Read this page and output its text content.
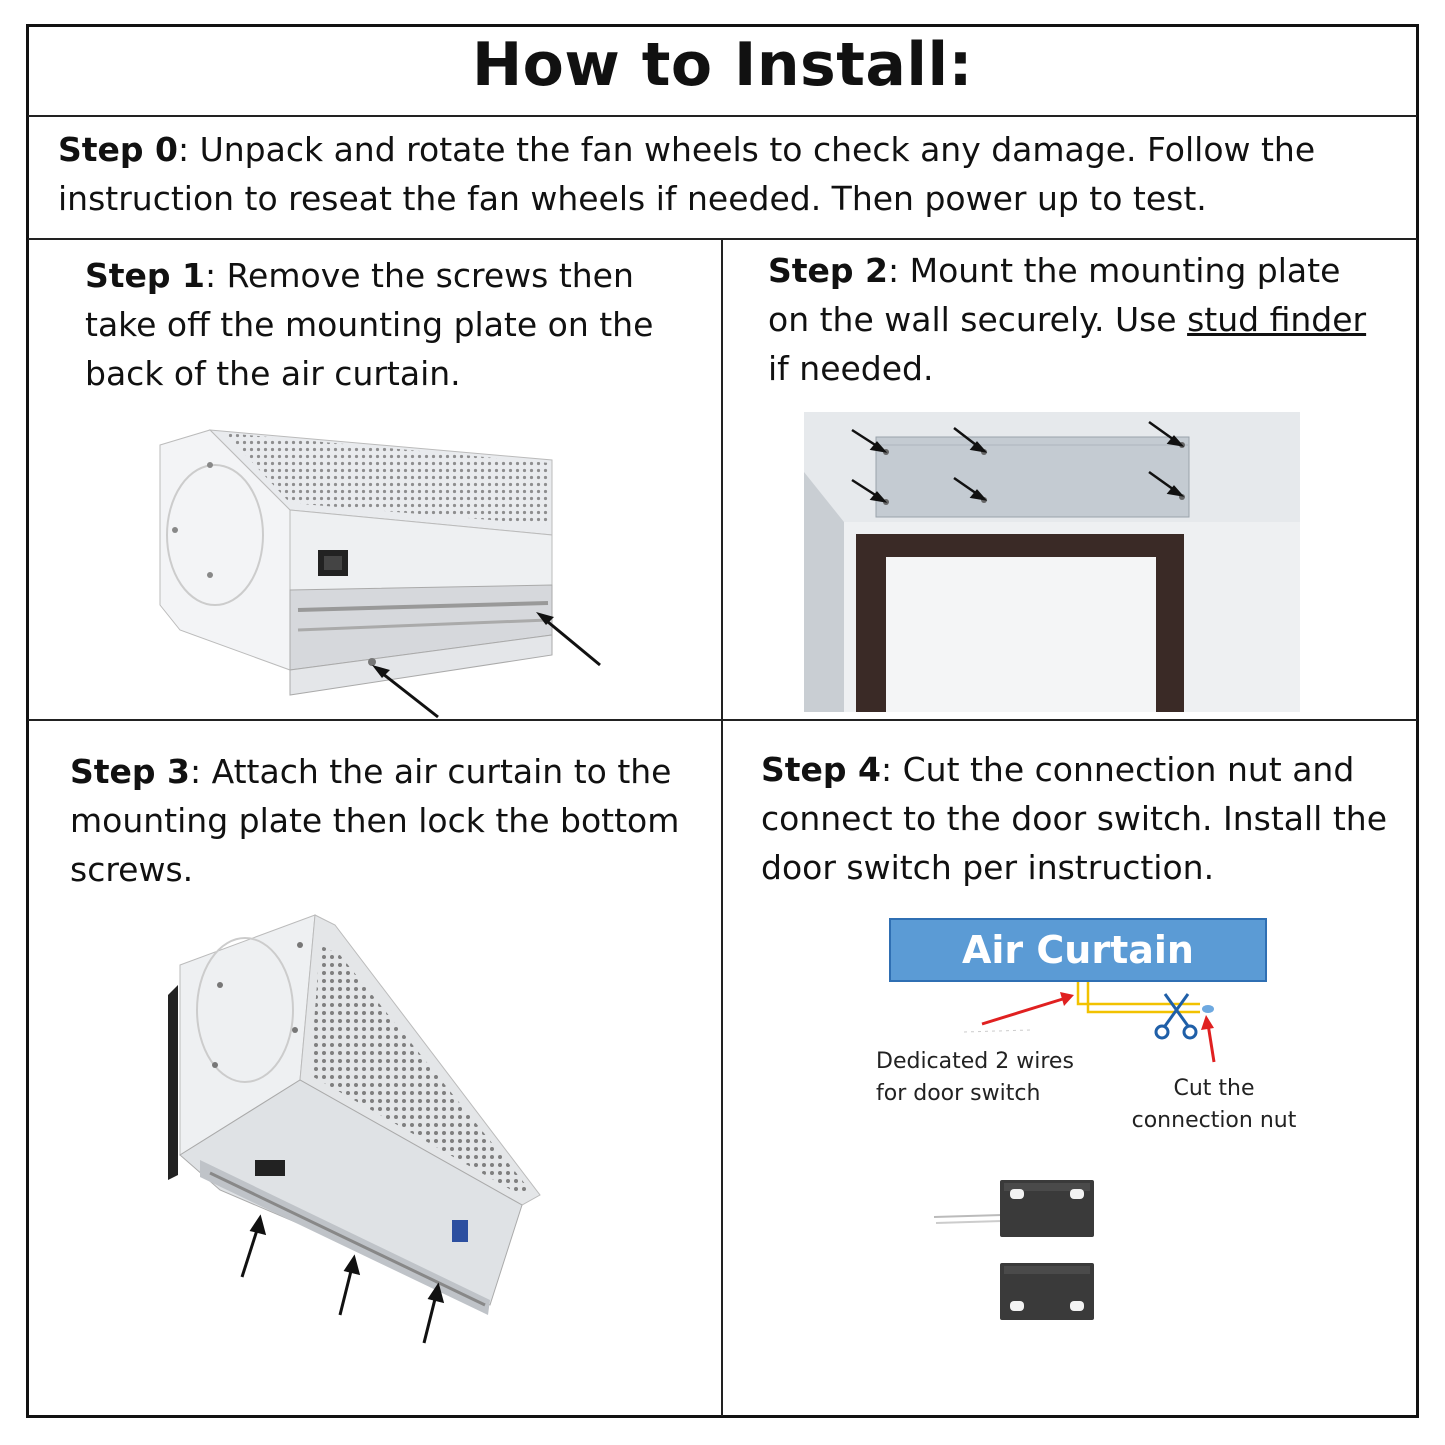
How to Install:
Step 0: Unpack and rotate the fan wheels to check any damage. Follow the
instruction to reseat the fan wheels if needed. Then power up to test.
Step 1: Remove the screws then
take off the mounting plate on the
back of the air curtain.
Step 2: Mount the mounting plate
on the wall securely. Use stud finder
if needed.
Step 3: Attach the air curtain to the
mounting plate then lock the bottom
screws.
Step 4: Cut the connection nut and
connect to the door switch. Install the
door switch per instruction.
Air Curtain
Dedicated 2 wires
for door switch	Cut the
connection nut
